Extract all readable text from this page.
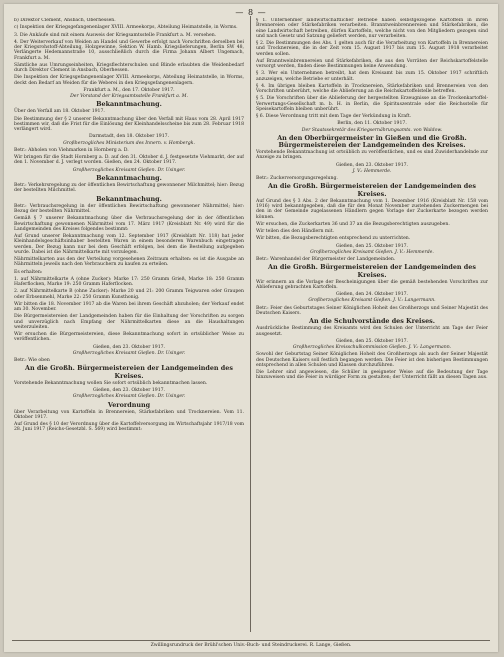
— 8 —
b) Direktor Clement, Ansbach, Oberhessen.
c) Inspektion der Kriegsgefangenenlager XVIII. Armeekorps, Abteilung Heimatstelle, in Worms.
3. Die Ankäufe sind mit einem Ausweis der Kriegsamtsstelle Frankfurt a. M. versehen.
4. Der Weiterverkauf von Weiden an Handel und Gewerbe erfolgt nach Vorschriften derselben bei der Kriegsrohstoff-Abteilung, Holzgewinne, Sektion W. Hamb. Kriegslieferungen, Berlin SW 48, Verlängerte Hedemannstraße 10, ausschließlich durch die Firma Johann Albert Ungemach, Frankfurt a. M.
Sämtliche aus Umrungseinheiten, Kriegsflechterschulen und Blinde erlaubten die Weidenbedarf durch Direktor Clement in Ansbach, Oberhessen.
Die Inspektion der Kriegsgefangenenlager XVIII. Armeekorps, Abteilung Heimatstelle, in Worms, deckt den Bedarf an Weiden für die Weberei in den Kriegsgefangenenlagern.
Frankfurt a. M., den 17. Oktober 1917.
Der Vorstand der Kriegsamtsstelle Frankfurt a. M.
Bekanntmachung.
Über den Verfall am 18. Oktober 1917.
Die Bestimmung der § 2 unserer Bekanntmachung über den Verfall mit Haus vom 28. April 1917 bestimmen wir, daß die Frist für die Einlösung der Kleinhandelsscheine bis zum 28. Februar 1918 verlängert wird.
Darmstadt, den 18. Oktober 1917.
Großherzogliches Ministerium des Innern. v. Hombergk.
Betr.: Abholen von Viehmarken in Hornberg a. D.
Wir bringen für die Stadt Hornberg a. D. auf den 31. Oktober d. J. festgesetzte Viehmarkt, der auf den 1. November d. J. verlegt worden. Gießen, den 24. Oktober 1917.
Großherzogliches Kreisamt Gießen. Dr. Usinger.
Bekanntmachung.
Betr.: Verkehrsregelung zu der öffentlichen Bewirtschaftung gewonnener Milchmittel; hier: Bezug der bestellten Milchmittel.
Bekanntmachung.
Betr.: Verbrauchsregelung in der öffentlichen Bewirtschaftung gewonnener Nährmittel; hier: Bezug der bestellten Nährmittel.
Gemäß § 7 unserer Bekanntmachung über die Verbrauchsregelung der in der öffentlichen Bewirtschaftung gewonnenen Nährmittel vom 17. März 1917 (Kreisblatt Nr. 49) wird für die Landgemeinden des Kreises folgendes bestimmt:
Auf Grund unserer Bekanntmachung vom 12. September 1917 (Kreisblatt Nr. 118) hat jeder Kleinhandelsgeschäftsinhaber bestellten Waren in einem besonderen Warenbuch eingetragen werden. Der Bezug kann nur bei dem Geschäft erfolgen, bei dem die Bestellung aufgegeben wurde. Dabei ist die Nährmittelkarte mit vorzulegen.
Nährmittelkarten aus den der Verteilung vorgesehenen Zeitraum erhalten: es ist die Ausgabe an Nährmitteln jeweils nach den Verbrauchern zu kaufen zu erteilen.
Es erhalten:
1. auf Nährmittelkarte A (ohne Zucker): Marke 17: 250 Gramm Grieß, Marke 18: 250 Gramm Haferflocken, Marke 19: 250 Gramm Haferflocken.
2. auf Nährmittelkarte B (ohne Zucker): Marke 20 und 21: 200 Gramm Teigwaren oder Graupen oder Erbsenmehl, Marke 22: 250 Gramm Kunsthonig.
Wir bitten die 18. November 1917 ab die Waren bei ihrem Geschäft abzuholen; der Verkauf endet am 30. November.
Die Bürgermeistereien der Landgemeinden haben für die Einhaltung der Vorschriften zu sorgen und unverzüglich nach Empfang der Nährmittelkarten diese an die Haushaltungen weiterzuleiten.
Wir ersuchen die Bürgermeistereien, diese Bekanntmachung sofort in ortsüblicher Weise zu veröffentlichen.
Gießen, den 23. Oktober 1917.
Großherzogliches Kreisamt Gießen. Dr. Usinger.
Betr.: Wie oben
An die Großh. Bürgermeistereien der Landgemeinden des Kreises.
Vorstehende Bekanntmachung wollen Sie sofort ortsüblich bekanntmachen lassen.
Gießen, den 23. Oktober 1917.
Großherzogliches Kreisamt Gießen. Dr. Usinger.
Verordnung
über Verarbeitung von Kartoffeln in Brennereien, Stärkefabriken und Trocknereien. Vom 11. Oktober 1917.
Auf Grund des § 10 der Verordnung über die Kartoffelversorgung im Wirtschaftsjahr 1917/18 vom 28. Juni 1917 (Reichs-Gesetzbl. S. 569) wird bestimmt:
§ 1. Unternehmer landwirtschaftlicher Betriebe haben selbstgezogene Kartoffeln in ihren Brennereien oder Stärkefabriken verarbeiten. Branntweinbrennereien und Stärkefabriken, die eine Landwirtschaft betreiben, dürfen Kartoffeln, welche nicht von den Mitgliedern gezogen sind und nach Gesetz und Satzung geliefert werden, nur verarbeiten.
§ 2. Die Bestimmungen des Abs. 1 gelten auch für die Verarbeitung von Kartoffeln in Brennereien und Trocknereien, die in der Zeit vom 15. August 1917 bis zum 15. August 1918 verarbeitet werden sollen.
Auf Branntweinbrennereien und Stärkefabriken, die aus den Vorräten der Reichskartoffelstelle versorgt werden, finden diese Bestimmungen keine Anwendung.
§ 3. Wer ein Unternehmen betreibt, hat dem Kreisamt bis zum 15. Oktober 1917 schriftlich anzuzeigen, welche Betriebe er unterhält.
§ 4. Im übrigen bleiben Kartoffeln in Trocknereien, Stärkefabriken und Brennereien von den Vorschriften unberührt, welche die Ablieferung an die Reichskartoffelstelle betreffen.
§ 5. Die Vorschriften über die Ablieferung der hergestellten Erzeugnisse an die Trockenkartoffel-Verwertungs-Gesellschaft m. b. H. in Berlin, die Spirituszentrale oder die Reichsstelle für Speisekartoffeln bleiben unberührt.
§ 6. Diese Verordnung tritt mit dem Tage der Verkündung in Kraft.
Berlin, den 11. Oktober 1917.
Der Staatssekretär des Kriegsernährungsamts. von Waldow.
An den Oberbürgermeister in Gießen und die Großh. Bürgermeistereien der Landgemeinden des Kreises.
Vorstehende Bekanntmachung ist ortsüblich zu veröffentlichen, und es sind Zuwiderhandelnde zur Anzeige zu bringen.
Gießen, den 23. Oktober 1917.
J. V.: Hemmerde.
Betr.: Zuckerversorgungsregelung.
An die Großh. Bürgermeistereien der Landgemeinden des Kreises.
Auf Grund des § 3 Abs. 2 der Bekanntmachung vom 1. Dezember 1916 (Kreisblatt Nr. 158 vom 1916) wird bekanntgegeben, daß die für den Monat November zustehenden Zuckermengen bei den in der Gemeinde zugelassenen Händlern gegen Vorlage der Zuckerkarte bezogen werden können.
Wir ersuchen, die Zuckerkarten 36 und 37 an die Bezugsberechtigten auszugeben.
Wir teilen dies den Händlern mit.
Wir bitten, die Bezugsberechtigten entsprechend zu unterrichten.
Gießen, den 25. Oktober 1917.
Großherzogliches Kreisamt Gießen. J. V.: Hemmerde.
Betr.: Warenhandel der Bürgermeister der Landgemeinden.
An die Großh. Bürgermeistereien der Landgemeinden des Kreises.
Wir erinnern an die Vorlage der Bescheinigungen über die gemäß bestehenden Vorschriften zur Ablieferung gebrachten Kartoffeln.
Gießen, den 24. Oktober 1917.
Großherzogliches Kreisamt Gießen. J. V.: Langermann.
Betr.: Feier des Geburtstages Seiner Königlichen Hoheit des Großherzogs und Seiner Majestät des Deutschen Kaisers.
An die Schulvorstände des Kreises.
Ausdrückliche Bestimmung des Kreisamts wird den Schulen der Unterricht am Tage der Feier ausgesetzt.
Gießen, den 25. Oktober 1917.
Großherzogliches Kreisschulkommission Gießen. J. V.: Langermann.
Sowohl der Geburtstag Seiner Königlichen Hoheit des Großherzogs als auch der Seiner Majestät des Deutschen Kaisers soll festlich begangen werden. Die Feier ist den bisherigen Bestimmungen entsprechend in allen Schulen und Klassen durchzuführen.
Die Lehrer sind angewiesen, die Schüler in geeigneter Weise auf die Bedeutung der Tage hinzuweisen und die Feier in würdiger Form zu gestalten; der Unterricht fällt an diesen Tagen aus.
Zwillingsrundruck der Brühl'schen Univ.-Buch- und Steindruckerei. R. Lange, Gießen.
